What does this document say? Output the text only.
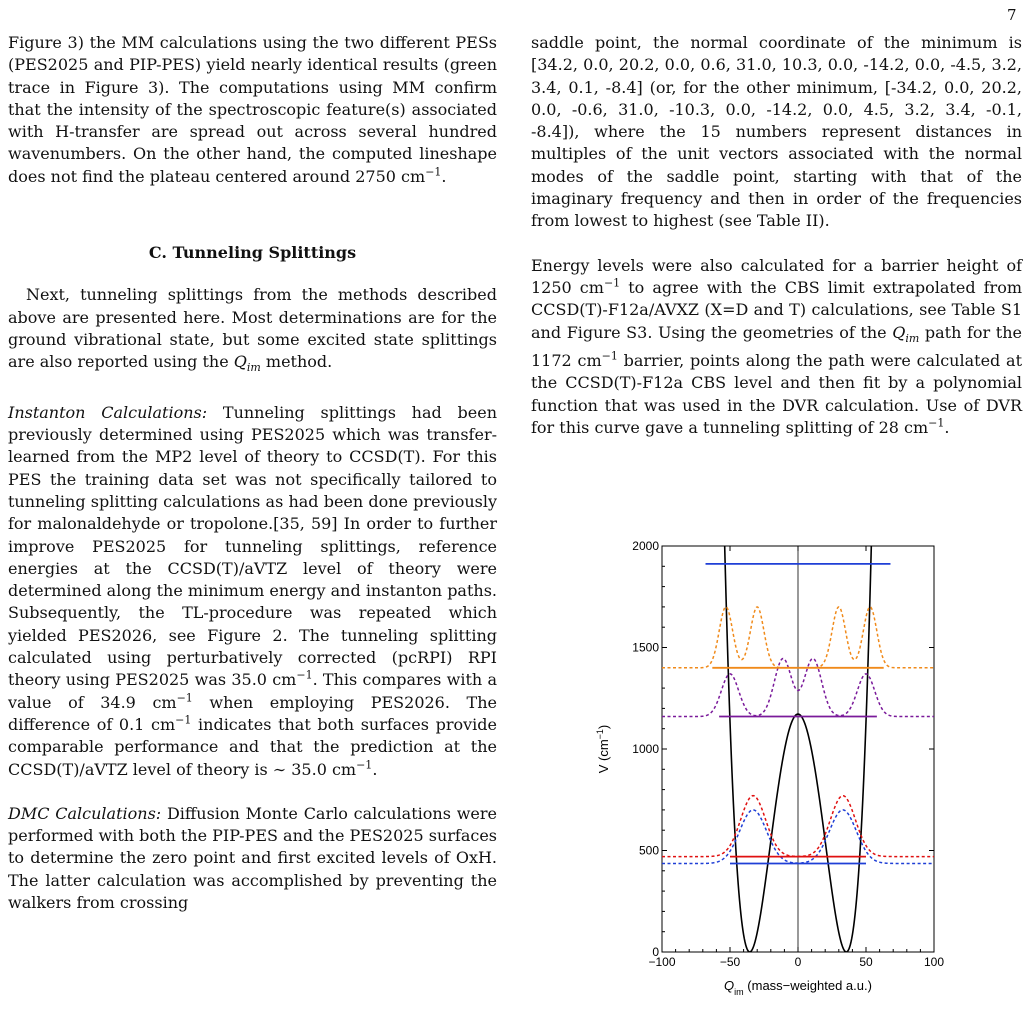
7

Figure 3) the MM calculations using the two different PESs (PES2025 and PIP-PES) yield nearly identical results (green trace in Figure 3). The computations using MM confirm that the intensity of the spectroscopic feature(s) associated with H-transfer are spread out across several hundred wavenumbers. On the other hand, the computed lineshape does not find the plateau centered around 2750 $cm^{-1}$.

C. Tunneling Splittings

Next, tunneling splittings from the methods described above are presented here. Most determinations are for the ground vibrational state, but some excited state splittings are also reported using the $Q_{im}$ method.

Instanton Calculations: Tunneling splittings had been previously determined using PES2025 which was transfer-learned from the MP2 level of theory to CCSD(T). For this PES the training data set was not specifically tailored to tunneling splitting calculations as had been done previously for malonaldehyde or tropolone.[35, 59] In order to further improve PES2025 for tunneling splittings, reference energies at the CCSD(T)/aVTZ level of theory were determined along the minimum energy and instanton paths. Subsequently, the TL-procedure was repeated which yielded PES2026, see Figure 2. The tunneling splitting calculated using perturbatively corrected (pcRPI) RPI theory using PES2025 was 35.0 $cm^{-1}$. This compares with a value of 34.9 $cm^{-1}$ when employing PES2026. The difference of 0.1 $cm^{-1}$ indicates that both surfaces provide comparable performance and that the prediction at the CCSD(T)/aVTZ level of theory is ∼ 35.0 $cm^{-1}$.

DMC Calculations: Diffusion Monte Carlo calculations were performed with both the PIP-PES and the PES2025 surfaces to determine the zero point and first excited levels of OxH. The latter calculation was accomplished by preventing the walkers from crossing

saddle point, the normal coordinate of the minimum is [34.2, 0.0, 20.2, 0.0, 0.6, 31.0, 10.3, 0.0, -14.2, 0.0, -4.5, 3.2, 3.4, 0.1, -8.4] (or, for the other minimum, [-34.2, 0.0, 20.2, 0.0, -0.6, 31.0, -10.3, 0.0, -14.2, 0.0, 4.5, 3.2, 3.4, -0.1, -8.4]), where the 15 numbers represent distances in multiples of the unit vectors associated with the normal modes of the saddle point, starting with that of the imaginary frequency and then in order of the frequencies from lowest to highest (see Table II).

Energy levels were also calculated for a barrier height of 1250 $cm^{-1}$ to agree with the CBS limit extrapolated from CCSD(T)-F12a/AVXZ (X=D and T) calculations, see Table S1 and Figure S3. Using the geometries of the $Q_{im}$ path for the 1172 $cm^{-1}$ barrier, points along the path were calculated at the CCSD(T)-F12a CBS level and then fit by a polynomial function that was used in the DVR calculation. Use of DVR for this curve gave a tunneling splitting of 28 $cm^{-1}$.

−100	−50	0	50	100
0
500
1000
1500
2000
V $(cm^{-1})$
$Q_{im}$ (mass−weighted a.u.)
